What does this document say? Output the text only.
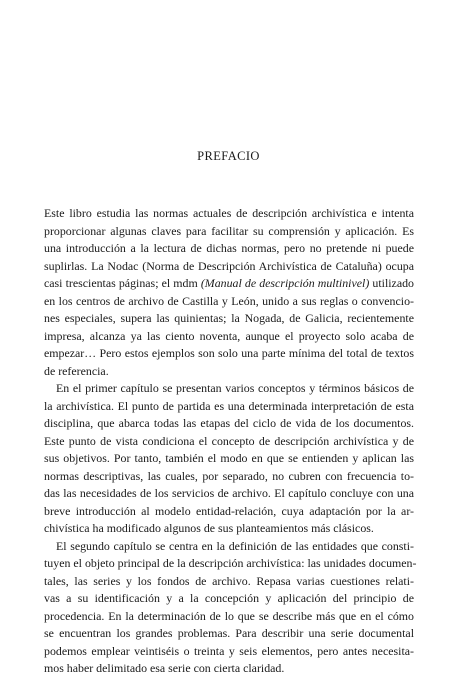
PREFACIO
Este libro estudia las normas actuales de descripción archivística e intenta
proporcionar algunas claves para facilitar su comprensión y aplicación. Es
una introducción a la lectura de dichas normas, pero no pretende ni puede
suplirlas. La Nodac (Norma de Descripción Archivística de Cataluña) ocupa
casi trescientas páginas; el mdm (Manual de descripción multinivel) utilizado
en los centros de archivo de Castilla y León, unido a sus reglas o convencio-
nes especiales, supera las quinientas; la Nogada, de Galicia, recientemente
impresa, alcanza ya las ciento noventa, aunque el proyecto solo acaba de
empezar… Pero estos ejemplos son solo una parte mínima del total de textos
de referencia.
En el primer capítulo se presentan varios conceptos y términos básicos de
la archivística. El punto de partida es una determinada interpretación de esta
disciplina, que abarca todas las etapas del ciclo de vida de los documentos.
Este punto de vista condiciona el concepto de descripción archivística y de
sus objetivos. Por tanto, también el modo en que se entienden y aplican las
normas descriptivas, las cuales, por separado, no cubren con frecuencia to-
das las necesidades de los servicios de archivo. El capítulo concluye con una
breve introducción al modelo entidad-relación, cuya adaptación por la ar-
chivística ha modificado algunos de sus planteamientos más clásicos.
El segundo capítulo se centra en la definición de las entidades que consti-
tuyen el objeto principal de la descripción archivística: las unidades documen-
tales, las series y los fondos de archivo. Repasa varias cuestiones relati-
vas a su identificación y a la concepción y aplicación del principio de
procedencia. En la determinación de lo que se describe más que en el cómo
se encuentran los grandes problemas. Para describir una serie documental
podemos emplear veintiséis o treinta y seis elementos, pero antes necesita-
mos haber delimitado esa serie con cierta claridad.
